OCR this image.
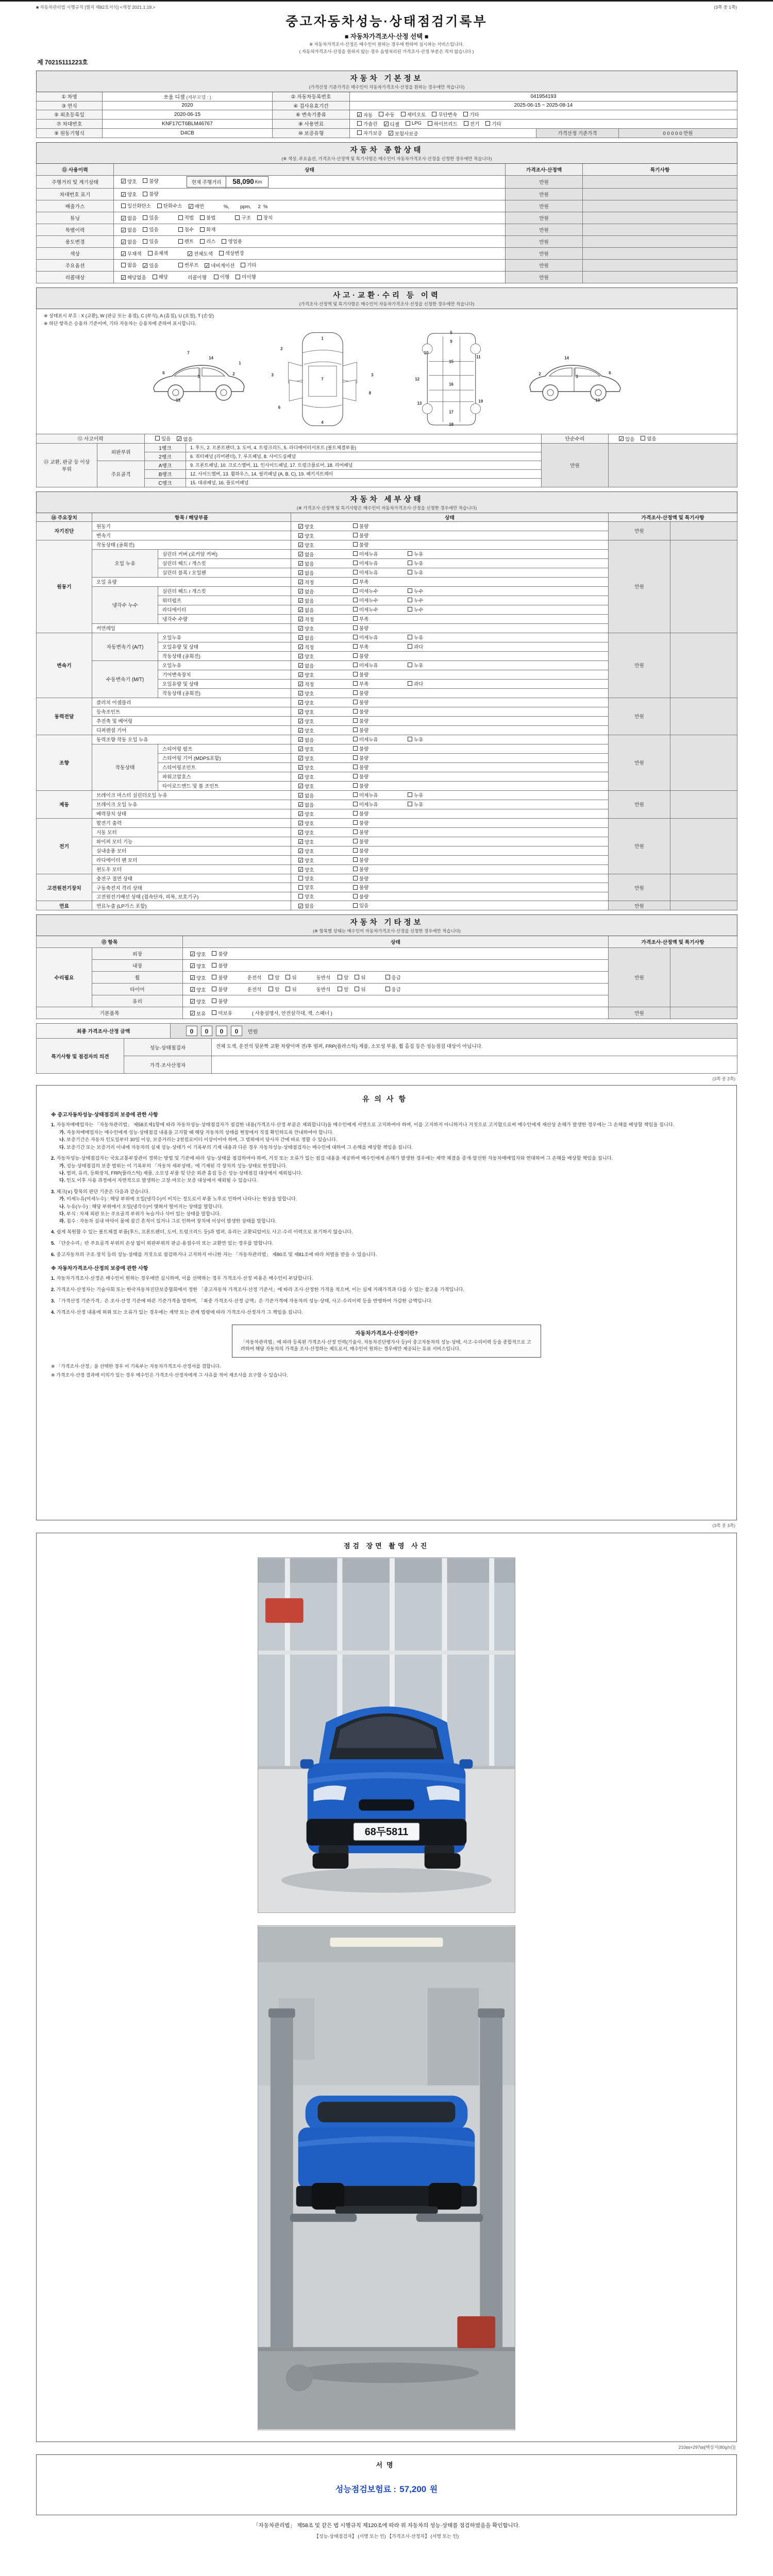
■ 자동차관리법 시행규칙 [별지 제82호서식] <개정 2021.1.19.>	(3쪽 중 1쪽)
중고자동차성능·상태점검기록부
■ 자동차가격조사·산정 선택 ■
※ 자동차가격조사·산정은 매수인이 원하는 경우에 한하여 실시하는 서비스입니다.
( 자동차가격조사·산정을 원하지 않는 경우 음영처리된 가격조사·산정 부분은 적지 않습니다 )
제 70215111223호
자동차 기본정보
(가격산정 기준가격은 매수인이 자동차가격조사·산정을 원하는 경우에만 적습니다)					

① 차명	쏘울 디젤 (세부모델 : )	② 자동차등록번호	041954193		
③ 연식	2020	④ 검사유효기간	2025-06-15 ~ 2025-08-14		
⑤ 최초등록일	2020-06-15	⑥ 변속기종류	✓ 자동	수동	세미오토	무단변속	기타
⑦ 차대번호	KNF17CT6BLM46767	⑧ 사용연료	가솔린 ✓ 디젤	LPG	하이브리드	전기	기타
⑨ 원동기형식	D4CB	⑩ 보증유형	자가보증 ✓ 보험사보증	가격산정 기준가격	0 0 0 0 0 만원
자동차 종합상태
(※ 색상, 주요옵션, 가격조사·산정액 및 특기사항은 매수인이 자동차가격조사·산정을 신청한 경우에만 적습니다)			

⑪ 사용이력	상태	가격조사·산정액	특기사항
주행거리 및 계기상태	✓ 양호	불량	현재 주행거리	58,090 Km	만원	
차대번호 표기	✓ 양호 불량	만원	
배출가스	일산화탄소 탄화수소 ✓ 매연 %,        ppm,     2  %	만원	
튜닝	✓ 없음	있음	적법	불법	구조	장치	만원	
특별이력	✓ 없음 있음 침수 화재	만원	
용도변경	✓ 없음	있음	렌트	리스	영업용	만원	
색상	✓ 무채색	유채색	✓ 전체도색	색상변경	만원	
주요옵션	없음 ✓ 있음	썬루프 ✓ 네비게이션	기타	만원	
리콜대상	✓ 해당없음 해당 리콜이행 이행 미이행	만원	
사고·교환·수리 등 이력
(가격조사·산정액 및 특기사항은 매수인이 자동차가격조사·산정을 신청한 경우에만 적습니다)					

※ 상태표시 부호 : X (교환), W (판금 또는 용접), C (부식), A (흠집), U (요철), T (손상)
※ 하단 항목은 승용차 기준이며, 기타 자동차는 승용차에 준하여 표시합니다.
7
14
3
6	2
13
1
1
2
3	3
7
6
8
4
5
9
10
11
15
12
16
13	19
17
18
2
14
3
6
13

⑫ 사고이력		있음 ✓ 없음		단순수리	✓ 있음 없음
⑬ 교환, 판금 등 이상 부위	외판부위	1랭크	1. 후드, 2. 프론트펜더, 3. 도어, 4. 트렁크리드, 5. 라디에이터서포트 (볼트체결부품)	만원	
		2랭크	6. 쿼터패널 (리어펜더), 7. 루프패널, 8. 사이드실패널		
	주요골격	A랭크	9. 프론트패널, 10. 크로스멤버, 11. 인사이드패널, 17. 트렁크플로어, 18. 리어패널		
		B랭크	12. 사이드멤버, 13. 휠하우스, 14. 필러패널 (A, B, C), 19. 패키지트레이		
		C랭크	15. 대쉬패널, 16. 플로어패널		
자동차 세부상태
(※ 가격조사·산정액 및 특기사항은 매수인이 자동차가격조사·산정을 신청한 경우에만 적습니다)					

⑭ 주요장치	항목 / 해당부품		상태	가격조사·산정액 및 특기사항	
자기진단	원동기		✓ 양호 불량	만원	
	변속기		✓ 양호 불량		
원동기	작동상태 (공회전)		✓ 양호 불량	만원	
	오일 누유	실린더 커버 (로커암 커버)	✓ 없음 미세누유 누유		
		실린더 헤드 / 개스킷	✓ 없음 미세누유 누유		
		실린더 블록 / 오일팬	✓ 없음 미세누유 누유		
	오일 유량		✓ 적정 부족		
	냉각수 누수	실린더 헤드 / 개스킷	✓ 없음 미세누수 누수		
		워터펌프	✓ 없음 미세누수 누수		
		라디에이터	✓ 없음 미세누수 누수		
		냉각수 수량	✓ 적정 부족		
	커먼레일		✓ 양호 불량		
변속기	자동변속기 (A/T)	오일누유	✓ 없음 미세누유 누유	만원	
		오일유량 및 상태	✓ 적정 부족 과다		
		작동상태 (공회전)	✓ 양호 불량		
	수동변속기 (M/T)	오일누유	✓ 없음 미세누유 누유		
		기어변속장치	✓ 양호 불량		
		오일유량 및 상태	✓ 적정 부족 과다		
		작동상태 (공회전)	✓ 양호 불량		
동력전달	클러치 어셈블리		✓ 양호 불량	만원	
	등속조인트		✓ 양호 불량		
	추진축 및 베어링		✓ 양호 불량		
	디퍼렌셜 기어		✓ 양호 불량		
조향	동력조향 작동 오일 누유		✓ 없음 미세누유 누유	만원	
	작동상태	스티어링 펌프	✓ 양호 불량		
		스티어링 기어 (MDPS포함)	✓ 양호 불량		
		스티어링조인트	✓ 양호 불량		
		파워고압호스	✓ 양호 불량		
		타이로드엔드 및 볼 조인트	✓ 양호 불량		
제동	브레이크 마스터 실린더오일 누유		✓ 없음 미세누유 누유	만원	
	브레이크 오일 누유		✓ 없음 미세누유 누유		
	배력장치 상태		✓ 양호 불량		
전기	발전기 출력		✓ 양호 불량	만원	
	시동 모터		✓ 양호 불량		
	와이퍼 모터 기능		✓ 양호 불량		
	실내송풍 모터		✓ 양호 불량		
	라디에이터 팬 모터		✓ 양호 불량		
	윈도우 모터		✓ 양호 불량		
고전원전기장치	충전구 절연 상태		양호 불량	만원	
	구동축전지 격리 상태		양호 불량		
	고전원전기배선 상태 (접속단자, 피복, 보호기구)		양호 불량		
연료	연료누출 (LP가스 포함)		✓ 없음 있음	만원	
자동차 기타정보
(※ 항목별 상태는 매수인이 자동차가격조사·산정을 신청한 경우에만 적습니다)				

⑮ 항목		상태	가격조사·산정액 및 특기사항	
수리필요	외장	✓ 양호 불량	만원	
	내장	✓ 양호 불량		
휠	✓ 양호	불량	운전석	앞	뒤	동반석	앞	뒤	응급
타이어	✓ 양호	불량	운전석	앞	뒤	동반석	앞	뒤	응급
	유리	✓ 양호 불량		
기본품목		✓ 보유 미보유 ( 사용설명서, 안전삼각대, 잭, 스패너 )	만원	
최종 가격조사·산정 금액	0 0 0 0 만원
특기사항 및 점검자의 의견	성능·상태점검자	전체 도색, 운전석 뒷문짝 교환 차량이며 전/후 범퍼, FRP(플라스틱) 제품, 소모성 부품, 휠 흠집 등은 성능점검 대상이 아닙니다.
	가격·조사산정자	
(3쪽 중 2쪽)
유의사항
※ 중고자동차성능·상태점검의 보증에 관한 사항
1. 자동차매매업자는 「자동차관리법」 제58조제1항에 따라 자동차성능·상태점검자가 점검한 내용(가격조사·산정 부분은 제외합니다)을 매수인에게 서면으로 고지하여야 하며, 이를 고지하지 아니하거나 거짓으로 고지함으로써 매수인에게 재산상 손해가 발생한 경우에는 그 손해를 배상할 책임을 집니다.
가. 자동차매매업자는 매수인에게 성능·상태점검 내용을 고지할 때 해당 자동차의 상태를 현장에서 직접 확인하도록 안내하여야 합니다.
나. 보증기간은 자동차 인도일부터 30일 이상, 보증거리는 2천킬로미터 이상이어야 하며, 그 범위에서 당사자 간에 따로 정할 수 있습니다.
다. 보증기간 또는 보증거리 이내에 자동차의 실제 성능·상태가 이 기록부의 기재 내용과 다른 경우 자동차성능·상태점검자는 매수인에 대하여 그 손해를 배상할 책임을 집니다.
2. 자동차성능·상태점검자는 국토교통부장관이 정하는 방법 및 기준에 따라 성능·상태를 점검하여야 하며, 거짓 또는 오류가 있는 점검 내용을 제공하여 매수인에게 손해가 발생한 경우에는 계약 체결을 중개·알선한 자동차매매업자와 연대하여 그 손해를 배상할 책임을 집니다.
가. 성능·상태점검의 보증 범위는 이 기록부의 「자동차 세부상태」에 기재된 각 장치의 성능·상태로 한정합니다.
나. 범퍼, 유리, 등화장치, FRP(플라스틱) 제품, 소모성 부품 및 단순 외관 흠집 등은 성능·상태점검 대상에서 제외됩니다.
다. 인도 이후 사용 과정에서 자연적으로 발생하는 고장·마모는 보증 대상에서 제외될 수 있습니다.
3. 체크(∨) 항목의 판단 기준은 다음과 같습니다.
가. 미세누유(미세누수) : 해당 부위에 오일(냉각수)이 비치는 정도로서 부품 노후로 인하여 나타나는 현상을 말합니다.
나. 누유(누수) : 해당 부위에서 오일(냉각수)이 맺혀서 떨어지는 상태를 말합니다.
다. 부식 : 차체 외판 또는 주요골격 부위가 녹슬거나 삭아 있는 상태를 말합니다.
라. 침수 : 자동차 실내 바닥이 물에 잠긴 흔적이 있거나 그로 인하여 장치에 이상이 발생한 상태를 말합니다.
4. 쉽게 복원할 수 있는 볼트체결 부품(후드, 프론트펜더, 도어, 트렁크리드 등)과 범퍼, 유리는 교환되었어도 사고·수리 이력으로 표기하지 않습니다.
5. 「단순수리」란 주요골격 부위의 손상 없이 외판부위의 판금·용접수리 또는 교환만 있는 경우를 말합니다.
6. 중고자동차의 구조·장치 등의 성능·상태를 거짓으로 점검하거나 고지하지 아니한 자는 「자동차관리법」 제80조 및 제81조에 따라 처벌을 받을 수 있습니다.
※ 자동차가격조사·산정의 보증에 관한 사항
1. 자동차가격조사·산정은 매수인이 원하는 경우에만 실시하며, 이를 선택하는 경우 가격조사·산정 비용은 매수인이 부담합니다.
2. 가격조사·산정자는 기술사회 또는 한국자동차진단보증협회에서 정한 「중고자동차 가격조사·산정 기준서」에 따라 조사·산정한 가격을 적으며, 이는 실제 거래가격과 다를 수 있는 참고용 가격입니다.
3. 「가격산정 기준가격」은 조사·산정 기준에 따른 기준가격을 말하며, 「최종 가격조사·산정 금액」은 기준가격에 자동차의 성능·상태, 사고·수리이력 등을 반영하여 가감한 금액입니다.
4. 가격조사·산정 내용에 허위 또는 오류가 있는 경우에는 계약 또는 관계 법령에 따라 가격조사·산정자가 그 책임을 집니다.
자동차가격조사·산정이란?
「자동차관리법」에 따라 등록된 가격조사·산정 인력(기술사, 자동차진단평가사 등)이 중고자동차의 성능·상태, 사고·수리이력 등을 종합적으로 고려하여 해당 자동차의 가격을 조사·산정하는 제도로서, 매수인이 원하는 경우에만 제공되는 유료 서비스입니다.
※ 「가격조사·산정」을 선택한 경우 이 기록부는 자동차가격조사·산정서를 겸합니다.
※ 가격조사·산정 결과에 이의가 있는 경우 매수인은 가격조사·산정자에게 그 사유를 적어 재조사를 요구할 수 있습니다.
(3쪽 중 3쪽)
점검 장면 촬영 사진
68두5811
210㎜×297㎜[백상지(80g/㎡)]
서명
성능점검보험료 : 57,200 원
「자동차관리법」 제58조 및 같은 법 시행규칙 제120조에 따라 위 자동차의 성능·상태를 점검하였음을 확인합니다.
【성능·상태점검자】 (서명 또는 인) 【가격조사·산정자】 (서명 또는 인)
